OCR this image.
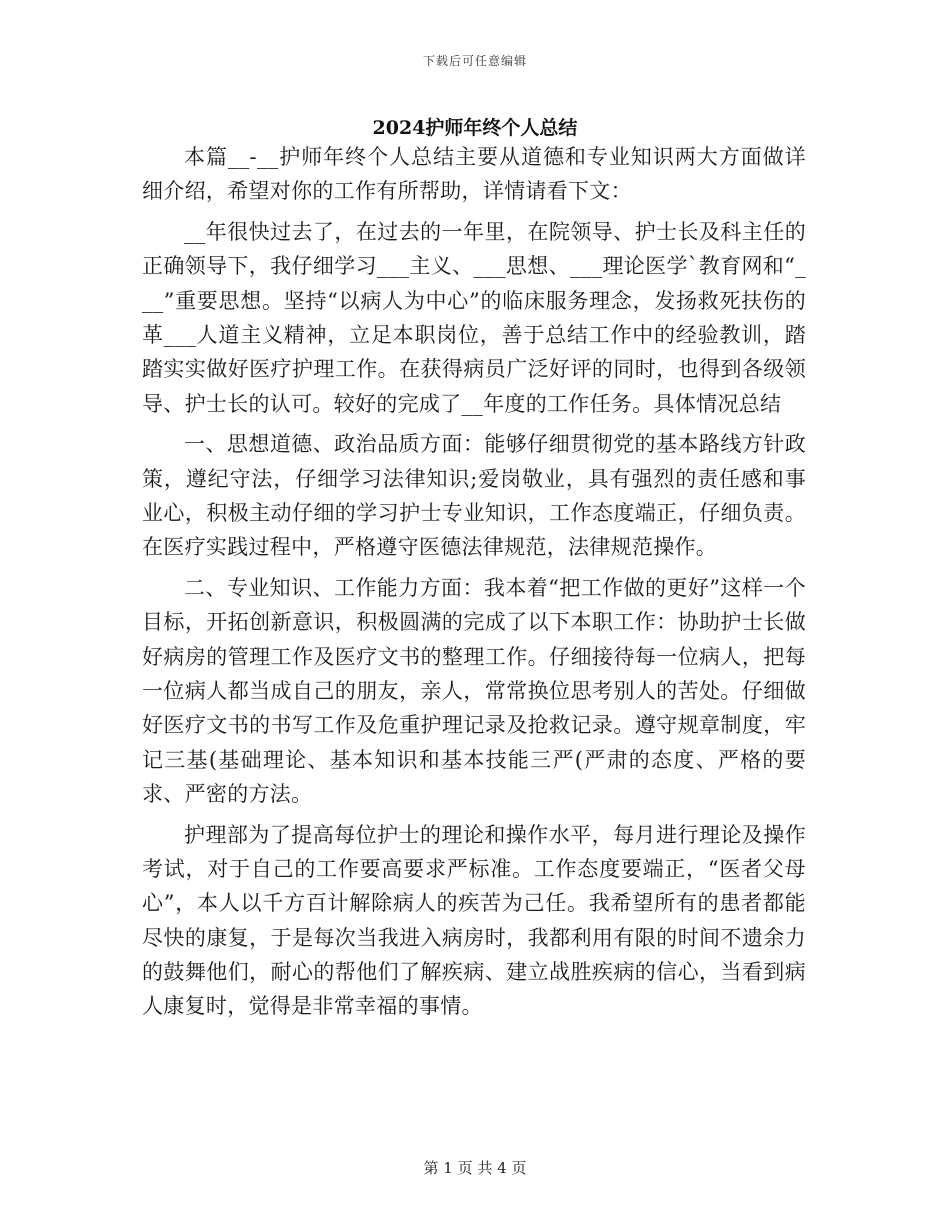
下载后可任意编辑
2024护师年终个人总结

本篇__-__护师年终个人总结主要从道德和专业知识两大方面做详细介绍，希望对你的工作有所帮助，详情请看下文：

__年很快过去了，在过去的一年里，在院领导、护士长及科主任的正确领导下，我仔细学习___主义、___思想、___理论医学`教育网和“___”重要思想。坚持“以病人为中心”的临床服务理念，发扬救死扶伤的革___人道主义精神，立足本职岗位，善于总结工作中的经验教训，踏踏实实做好医疗护理工作。在获得病员广泛好评的同时，也得到各级领导、护士长的认可。较好的完成了__年度的工作任务。具体情况总结

一、思想道德、政治品质方面：能够仔细贯彻党的基本路线方针政策，遵纪守法，仔细学习法律知识;爱岗敬业，具有强烈的责任感和事业心，积极主动仔细的学习护士专业知识，工作态度端正，仔细负责。在医疗实践过程中，严格遵守医德法律规范，法律规范操作。

二、专业知识、工作能力方面：我本着“把工作做的更好”这样一个目标，开拓创新意识，积极圆满的完成了以下本职工作：协助护士长做好病房的管理工作及医疗文书的整理工作。仔细接待每一位病人，把每一位病人都当成自己的朋友，亲人，常常换位思考别人的苦处。仔细做好医疗文书的书写工作及危重护理记录及抢救记录。遵守规章制度，牢记三基(基础理论、基本知识和基本技能三严(严肃的态度、严格的要求、严密的方法。

护理部为了提高每位护士的理论和操作水平，每月进行理论及操作考试，对于自己的工作要高要求严标准。工作态度要端正，“医者父母心”，本人以千方百计解除病人的疾苦为己任。我希望所有的患者都能尽快的康复，于是每次当我进入病房时，我都利用有限的时间不遗余力的鼓舞他们，耐心的帮他们了解疾病、建立战胜疾病的信心，当看到病人康复时，觉得是非常幸福的事情。

第 1 页 共 4 页
